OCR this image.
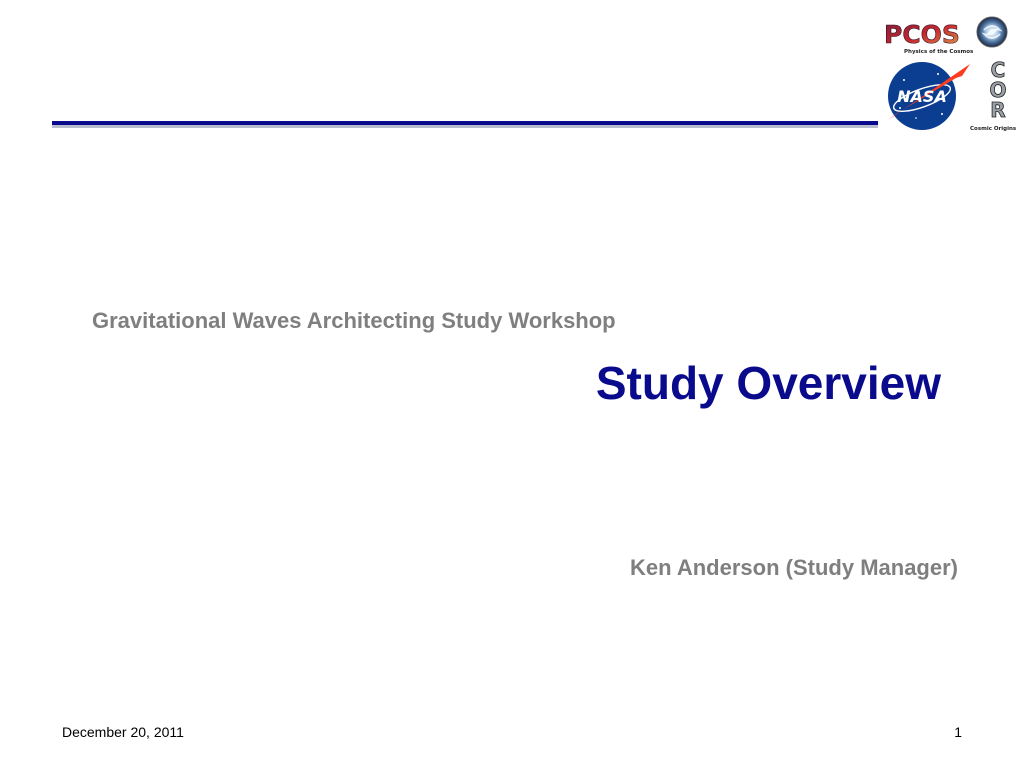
PCOS
Physics of the Cosmos
NASA
C
O
R
Cosmic Origins
Gravitational Waves Architecting Study Workshop
Study Overview
Ken Anderson (Study Manager)
December 20, 2011	1
